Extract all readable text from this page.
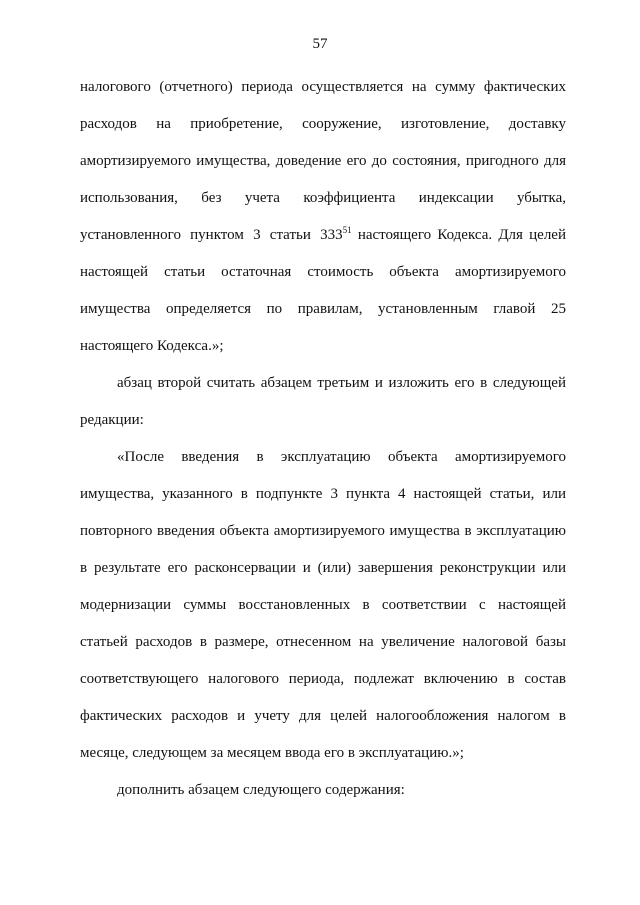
57
налогового (отчетного) периода осуществляется на сумму фактических
расходов на приобретение, сооружение, изготовление, доставку
амортизируемого имущества, доведение его до состояния, пригодного для
использования, без учета коэффициента индексации убытка,
установленного пунктом 3 статьи $333^{51}$ настоящего Кодекса. Для целей
настоящей статьи остаточная стоимость объекта амортизируемого
имущества определяется по правилам, установленным главой 25
настоящего Кодекса.»;
абзац второй считать абзацем третьим и изложить его в следующей
редакции:
«После введения в эксплуатацию объекта амортизируемого
имущества, указанного в подпункте 3 пункта 4 настоящей статьи, или
повторного введения объекта амортизируемого имущества в эксплуатацию
в результате его расконсервации и (или) завершения реконструкции или
модернизации суммы восстановленных в соответствии с настоящей
статьей расходов в размере, отнесенном на увеличение налоговой базы
соответствующего налогового периода, подлежат включению в состав
фактических расходов и учету для целей налогообложения налогом в
месяце, следующем за месяцем ввода его в эксплуатацию.»;
дополнить абзацем следующего содержания:
